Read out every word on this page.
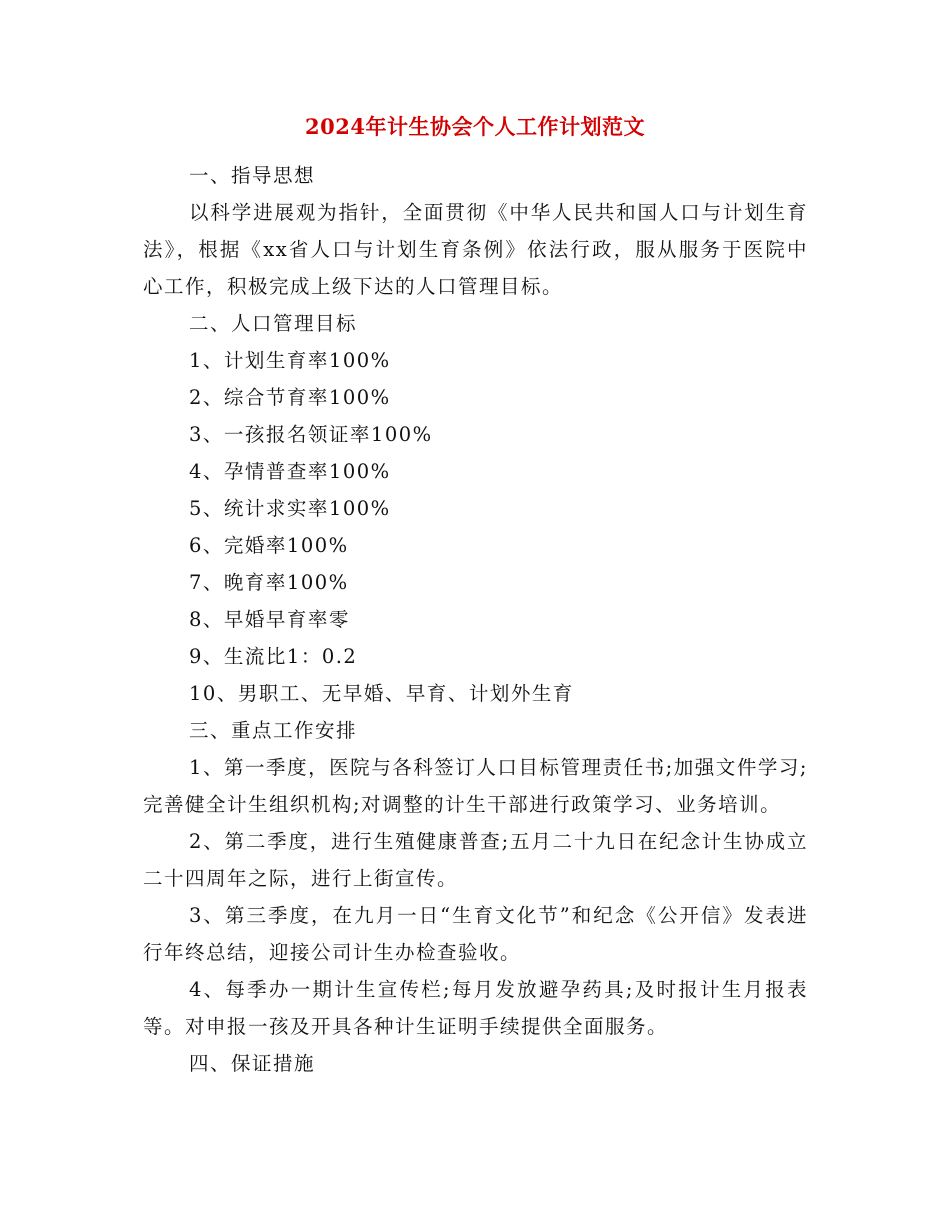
2024年计生协会个人工作计划范文

一、指导思想

以科学进展观为指针，全面贯彻《中华人民共和国人口与计划生育法》，根据《xx省人口与计划生育条例》依法行政，服从服务于医院中心工作，积极完成上级下达的人口管理目标。

二、人口管理目标

1、计划生育率100%

2、综合节育率100%

3、一孩报名领证率100%

4、孕情普查率100%

5、统计求实率100%

6、完婚率100%

7、晚育率100%

8、早婚早育率零

9、生流比1：0.2

10、男职工、无早婚、早育、计划外生育

三、重点工作安排

1、第一季度，医院与各科签订人口目标管理责任书;加强文件学习;完善健全计生组织机构;对调整的计生干部进行政策学习、业务培训。

2、第二季度，进行生殖健康普查;五月二十九日在纪念计生协成立二十四周年之际，进行上街宣传。

3、第三季度，在九月一日“生育文化节”和纪念《公开信》发表进行年终总结，迎接公司计生办检查验收。

4、每季办一期计生宣传栏;每月发放避孕药具;及时报计生月报表等。对申报一孩及开具各种计生证明手续提供全面服务。

四、保证措施
